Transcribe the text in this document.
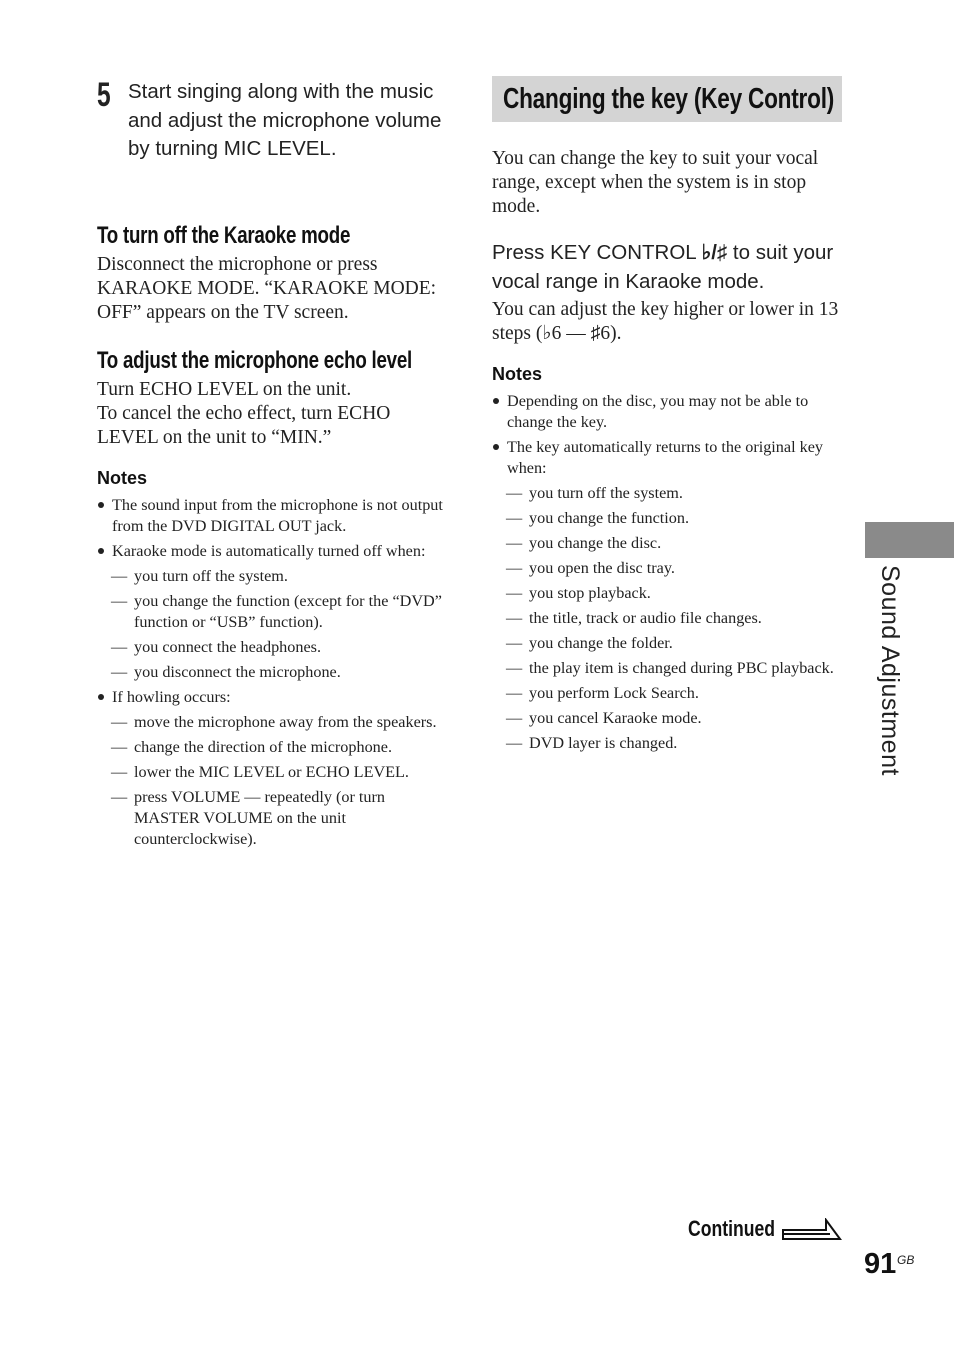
5 Start singing along with the music and adjust the microphone volume by turning MIC LEVEL.
To turn off the Karaoke mode
Disconnect the microphone or press KARAOKE MODE. “KARAOKE MODE: OFF” appears on the TV screen.
To adjust the microphone echo level
Turn ECHO LEVEL on the unit.
To cancel the echo effect, turn ECHO LEVEL on the unit to “MIN.”
Notes
The sound input from the microphone is not output from the DVD DIGITAL OUT jack.
Karaoke mode is automatically turned off when:
— you turn off the system.
— you change the function (except for the “DVD” function or “USB” function).
— you connect the headphones.
— you disconnect the microphone.
If howling occurs:
— move the microphone away from the speakers.
— change the direction of the microphone.
— lower the MIC LEVEL or ECHO LEVEL.
— press VOLUME — repeatedly (or turn MASTER VOLUME on the unit counterclockwise).
Changing the key (Key Control)
You can change the key to suit your vocal range, except when the system is in stop mode.
Press KEY CONTROL ♭/♯ to suit your vocal range in Karaoke mode.
You can adjust the key higher or lower in 13 steps (♭6 — ♯6).
Notes
Depending on the disc, you may not be able to change the key.
The key automatically returns to the original key when:
— you turn off the system.
— you change the function.
— you change the disc.
— you open the disc tray.
— you stop playback.
— the title, track or audio file changes.
— you change the folder.
— the play item is changed during PBC playback.
— you perform Lock Search.
— you cancel Karaoke mode.
— DVD layer is changed.	Sound Adjustment
Continued
91 GB
